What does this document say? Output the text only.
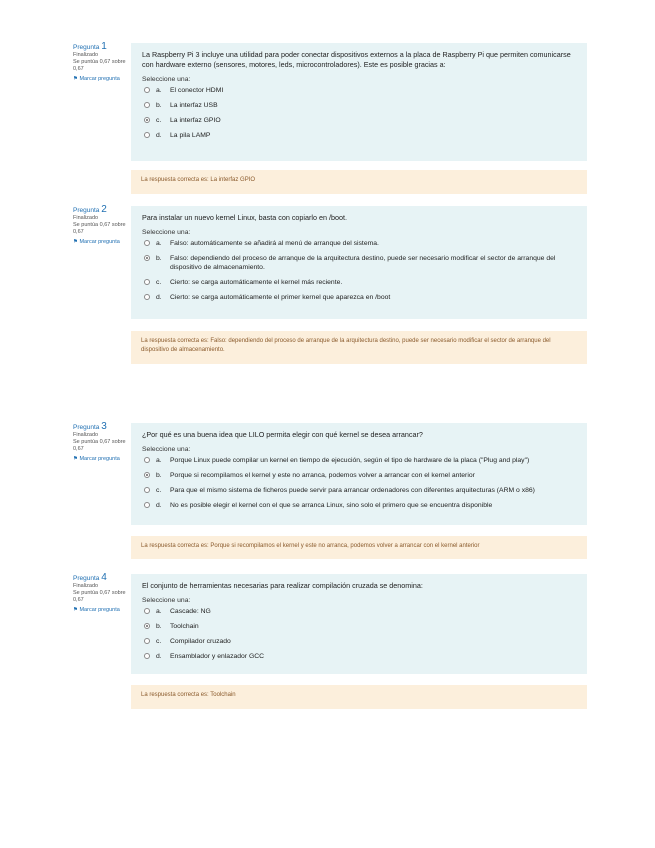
Pregunta 1
Finalizado
Se puntúa 0,67 sobre 0,67
⚑ Marcar pregunta
La Raspberry Pi 3 incluye una utilidad para poder conectar dispositivos externos a la placa de Raspberry Pi que permiten comunicarse con hardware externo (sensores, motores, leds, microcontroladores). Este es posible gracias a:
Seleccione una:
a.	El conector HDMI
b.	La interfaz USB
c.	La interfaz GPIO
d.	La pila LAMP
La respuesta correcta es: La interfaz GPIO
Pregunta 2
Finalizado
Se puntúa 0,67 sobre 0,67
⚑ Marcar pregunta
Para instalar un nuevo kernel Linux, basta con copiarlo en /boot.
Seleccione una:
a.	Falso: automáticamente se añadirá al menú de arranque del sistema.
b.	Falso: dependiendo del proceso de arranque de la arquitectura destino, puede ser necesario modificar el sector de arranque del dispositivo de almacenamiento.
c.	Cierto: se carga automáticamente el kernel más reciente.
d.	Cierto: se carga automáticamente el primer kernel que aparezca en /boot
La respuesta correcta es: Falso: dependiendo del proceso de arranque de la arquitectura destino, puede ser necesario modificar el sector de arranque del dispositivo de almacenamiento.
Pregunta 3
Finalizado
Se puntúa 0,67 sobre 0,67
⚑ Marcar pregunta
¿Por qué es una buena idea que LILO permita elegir con qué kernel se desea arrancar?
Seleccione una:
a.	Porque Linux puede compilar un kernel en tiempo de ejecución, según el tipo de hardware de la placa ("Plug and play")
b.	Porque si recompilamos el kernel y este no arranca, podemos volver a arrancar con el kernel anterior
c.	Para que el mismo sistema de ficheros puede servir para arrancar ordenadores con diferentes arquitecturas (ARM o x86)
d.	No es posible elegir el kernel con el que se arranca Linux, sino solo el primero que se encuentra disponible
La respuesta correcta es: Porque si recompilamos el kernel y este no arranca, podemos volver a arrancar con el kernel anterior
Pregunta 4
Finalizado
Se puntúa 0,67 sobre 0,67
⚑ Marcar pregunta
El conjunto de herramientas necesarias para realizar compilación cruzada se denomina:
Seleccione una:
a.	Cascade: NG
b.	Toolchain
c.	Compilador cruzado
d.	Ensamblador y enlazador GCC
La respuesta correcta es: Toolchain
